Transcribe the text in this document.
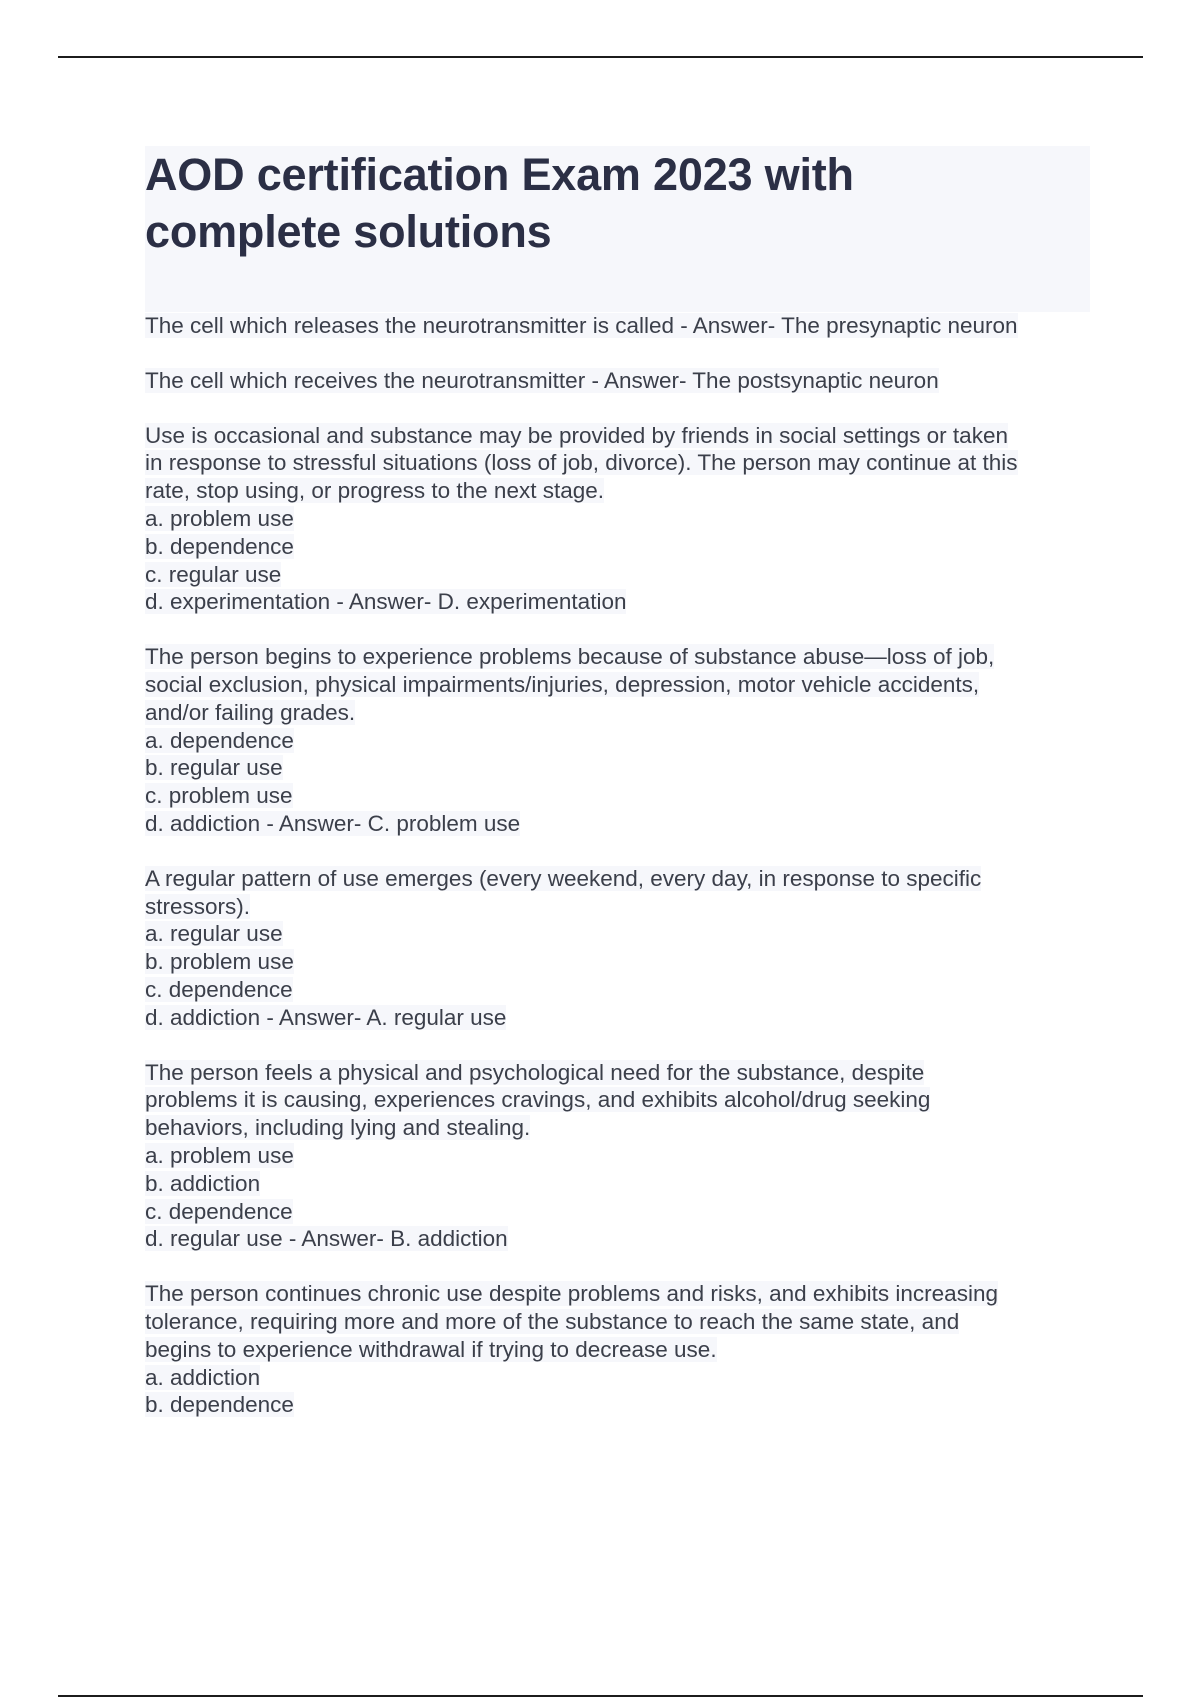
AOD certification Exam 2023 with
complete solutions
The cell which releases the neurotransmitter is called - Answer- The presynaptic neuron
The cell which receives the neurotransmitter - Answer- The postsynaptic neuron
Use is occasional and substance may be provided by friends in social settings or taken
in response to stressful situations (loss of job, divorce). The person may continue at this
rate, stop using, or progress to the next stage.
a. problem use
b. dependence
c. regular use
d. experimentation - Answer- D. experimentation
The person begins to experience problems because of substance abuse—loss of job,
social exclusion, physical impairments/injuries, depression, motor vehicle accidents,
and/or failing grades.
a. dependence
b. regular use
c. problem use
d. addiction - Answer- C. problem use
A regular pattern of use emerges (every weekend, every day, in response to specific
stressors).
a. regular use
b. problem use
c. dependence
d. addiction - Answer- A. regular use
The person feels a physical and psychological need for the substance, despite
problems it is causing, experiences cravings, and exhibits alcohol/drug seeking
behaviors, including lying and stealing.
a. problem use
b. addiction
c. dependence
d. regular use - Answer- B. addiction
The person continues chronic use despite problems and risks, and exhibits increasing
tolerance, requiring more and more of the substance to reach the same state, and
begins to experience withdrawal if trying to decrease use.
a. addiction
b. dependence
